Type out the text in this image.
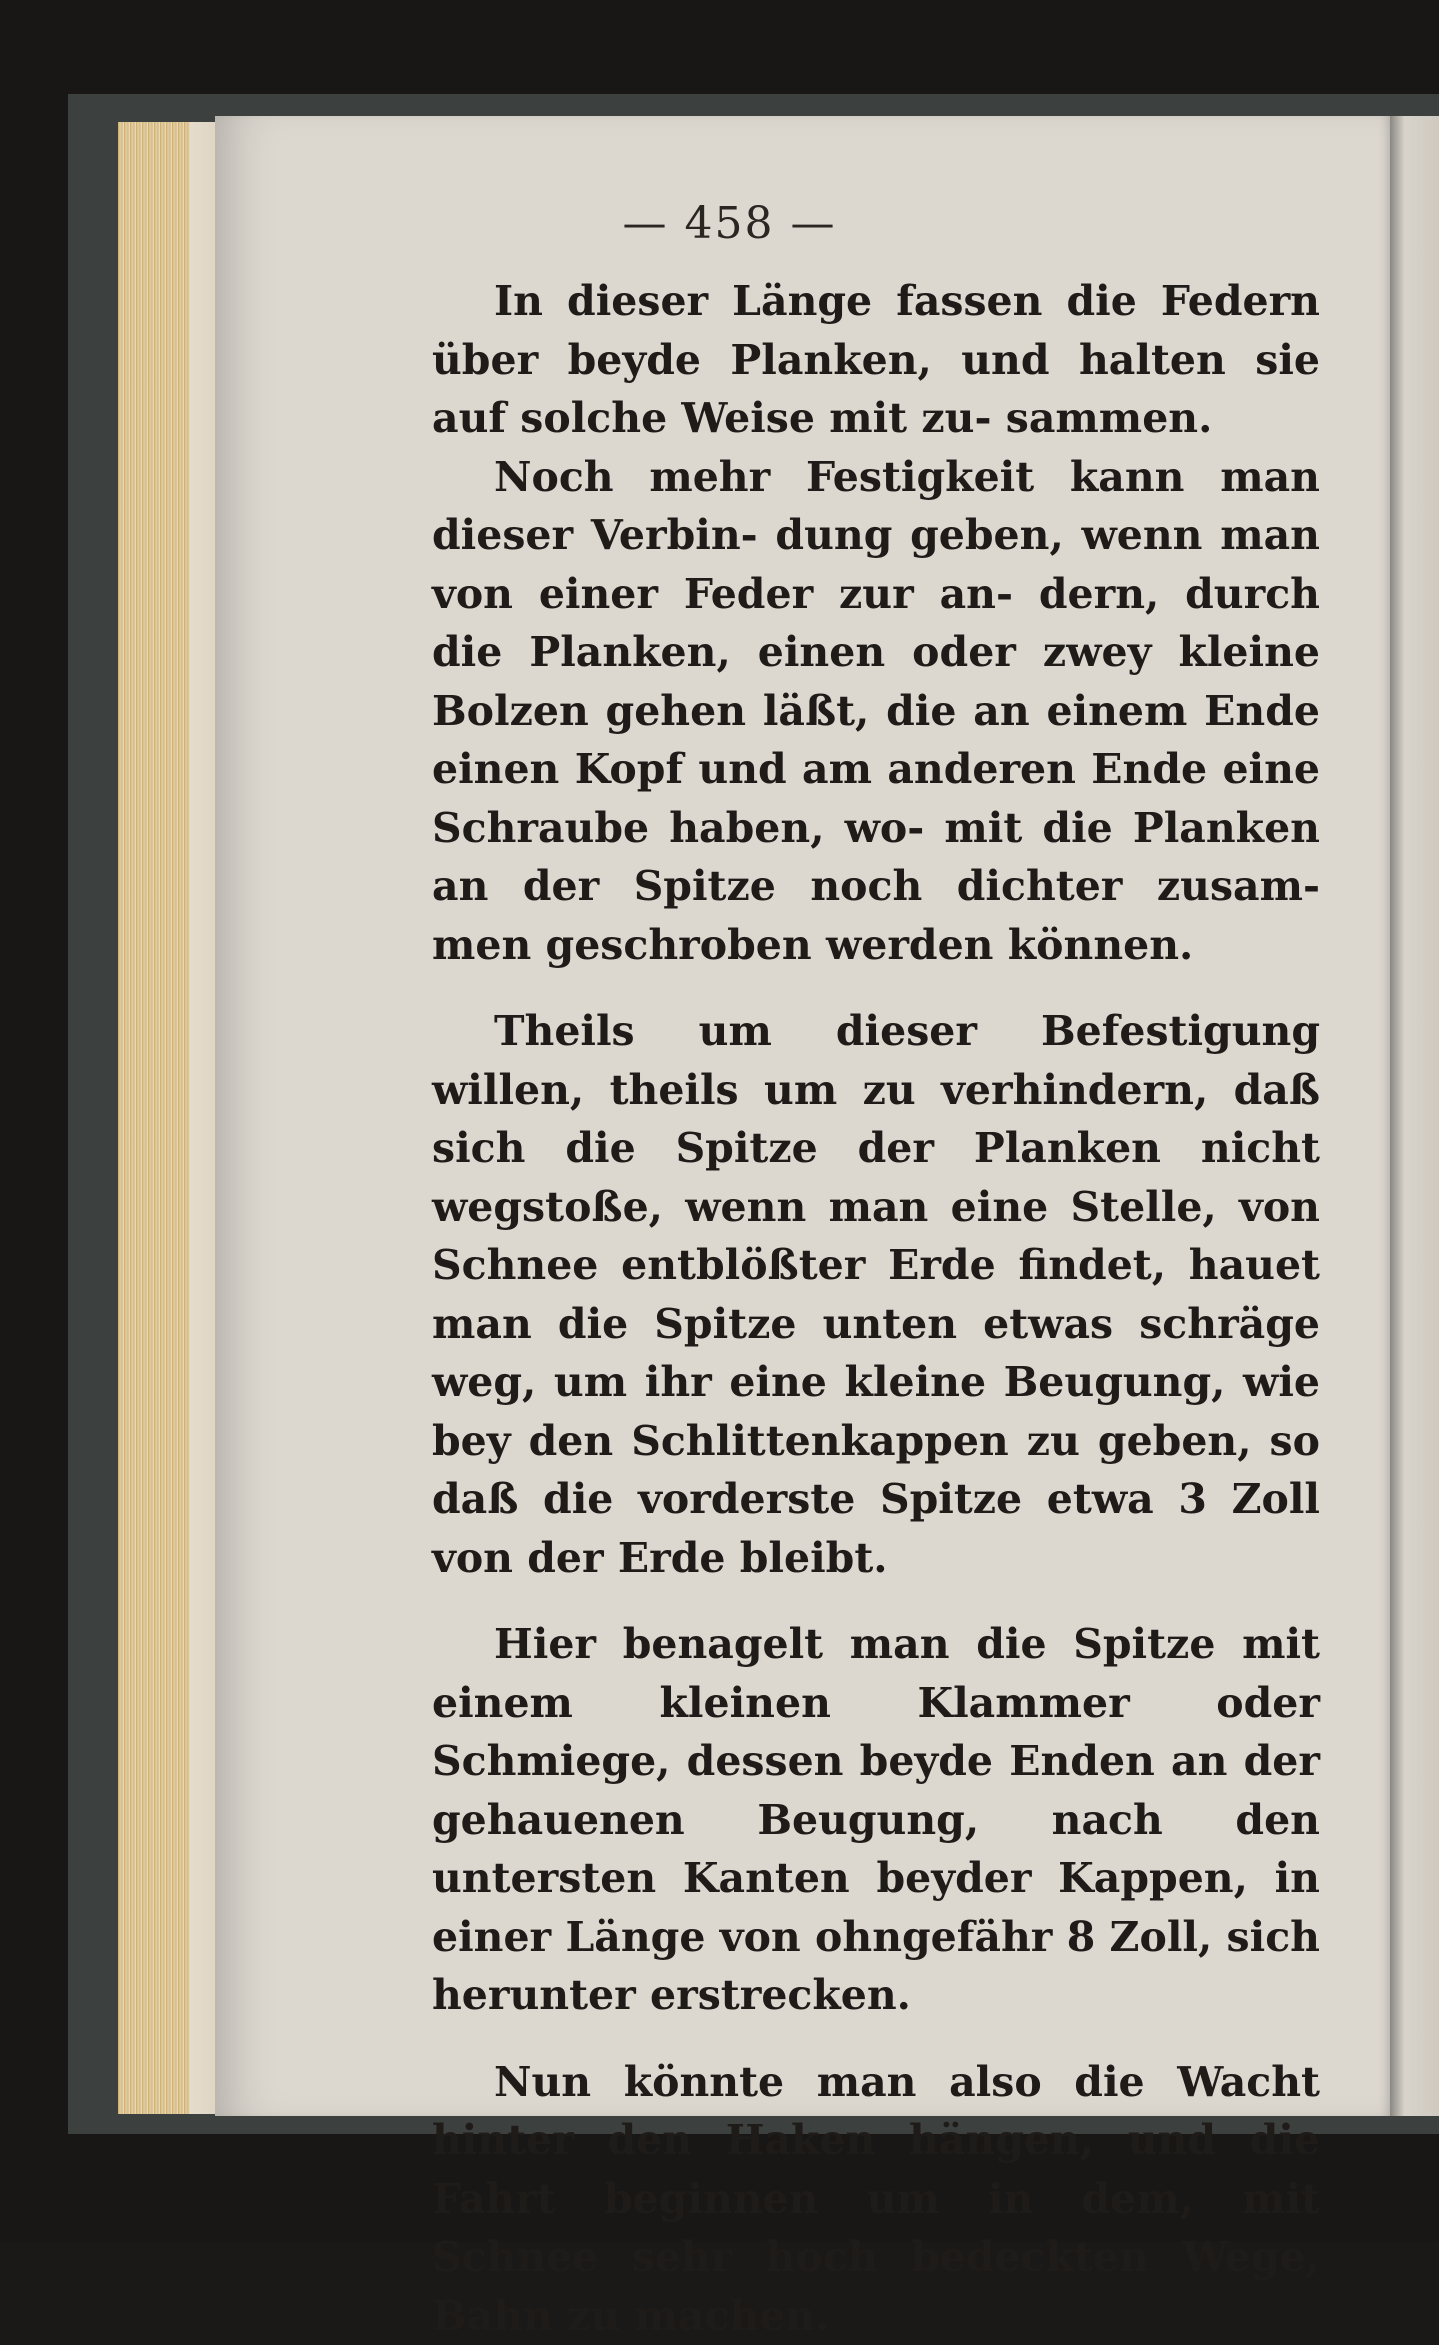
— 458 —

In dieser Länge fassen die Federn über beyde Planken, und halten sie auf solche Weise mit zu- sammen.

Noch mehr Festigkeit kann man dieser Verbin- dung geben, wenn man von einer Feder zur an- dern, durch die Planken, einen oder zwey kleine Bolzen gehen läßt, die an einem Ende einen Kopf und am anderen Ende eine Schraube haben, wo- mit die Planken an der Spitze noch dichter zusam- men geschroben werden können.

Theils um dieser Befestigung willen, theils um zu verhindern, daß sich die Spitze der Planken nicht wegstoße, wenn man eine Stelle, von Schnee entblößter Erde findet, hauet man die Spitze unten etwas schräge weg, um ihr eine kleine Beugung, wie bey den Schlittenkappen zu geben, so daß die vorderste Spitze etwa 3 Zoll von der Erde bleibt.

Hier benagelt man die Spitze mit einem kleinen Klammer oder Schmiege, dessen beyde Enden an der gehauenen Beugung, nach den untersten Kanten beyder Kappen, in einer Länge von ohngefähr 8 Zoll, sich herunter erstrecken.

Nun könnte man also die Wacht hinter den Haken hängen, und die Fahrt beginnen um in dem, mit Schnee sehr hoch bedeckten Wege, Bahn zu machen.
